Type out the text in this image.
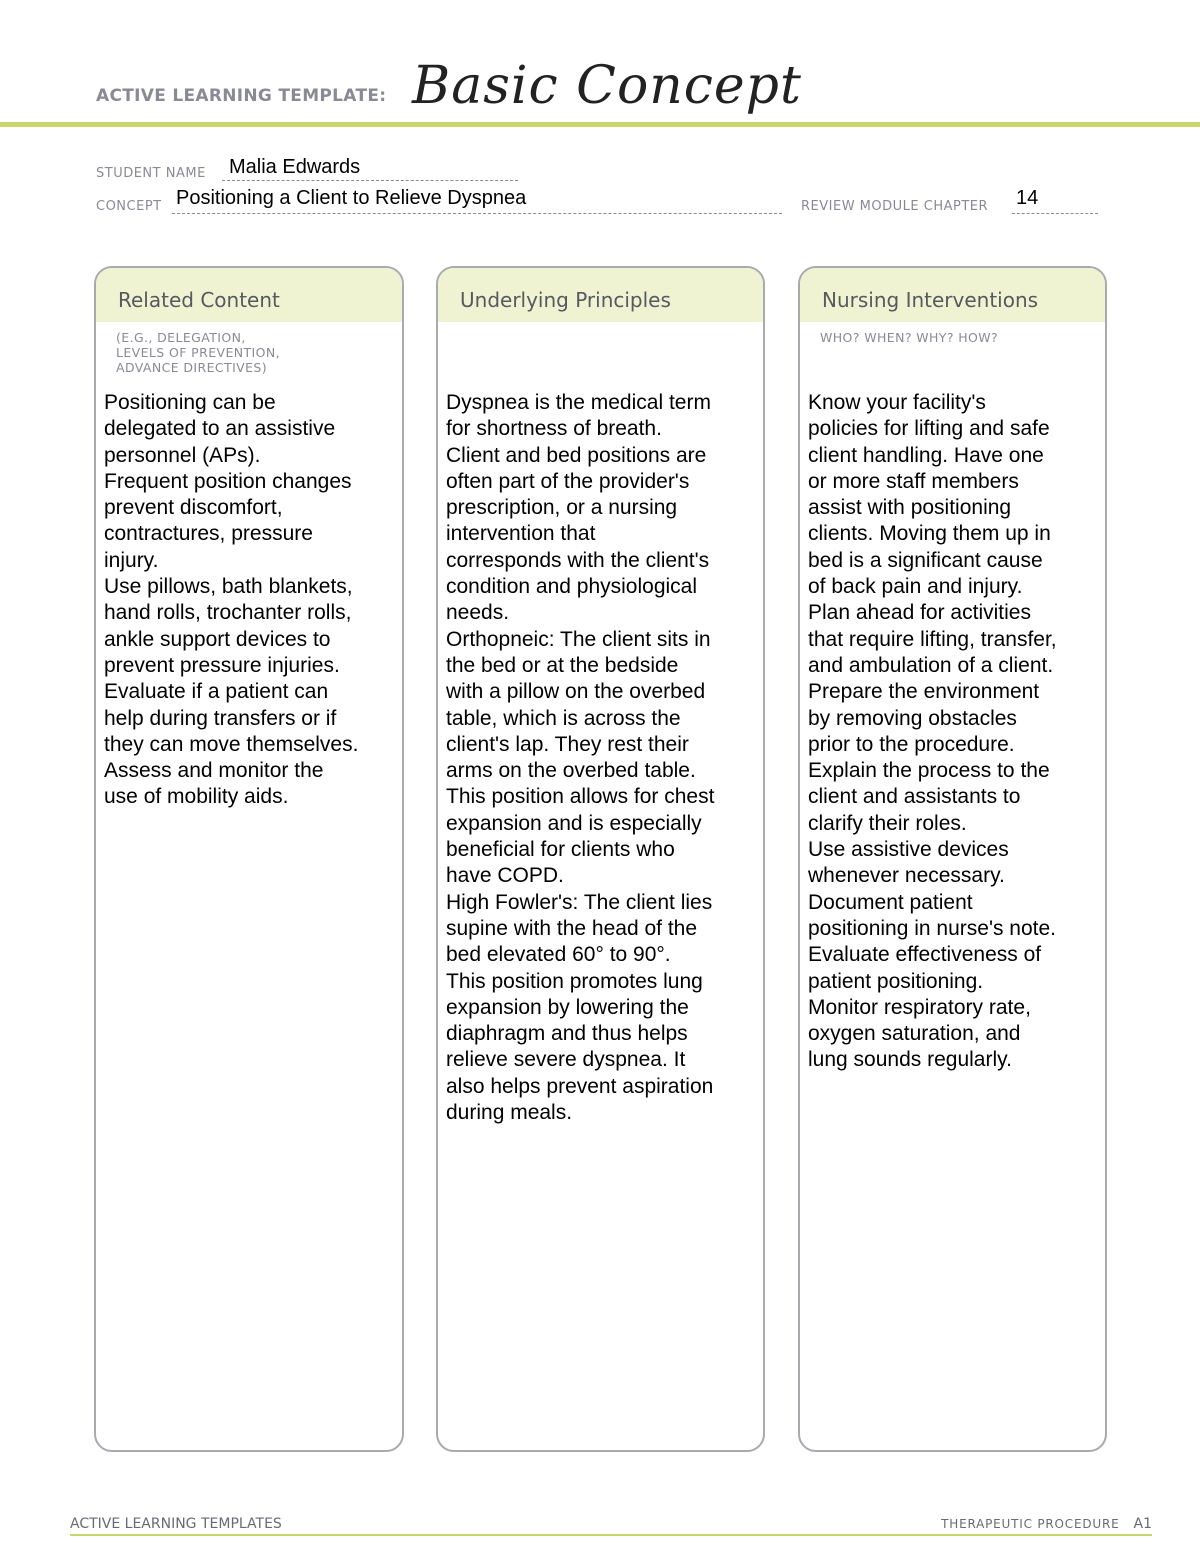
ACTIVE LEARNING TEMPLATE: Basic Concept
STUDENT NAME Malia Edwards
CONCEPT Positioning a Client to Relieve Dyspnea	REVIEW MODULE CHAPTER 14
Related Content
(E.G., DELEGATION,
LEVELS OF PREVENTION,
ADVANCE DIRECTIVES)

Positioning can be

delegated to an assistive

personnel (APs).

Frequent position changes

prevent discomfort,

contractures, pressure

injury.

Use pillows, bath blankets,

hand rolls, trochanter rolls,

ankle support devices to

prevent pressure injuries.

Evaluate if a patient can

help during transfers or if

they can move themselves.

Assess and monitor the

use of mobility aids.

Underlying Principles

Dyspnea is the medical term

for shortness of breath.

Client and bed positions are

often part of the provider's

prescription, or a nursing

intervention that

corresponds with the client's

condition and physiological

needs.

Orthopneic: The client sits in

the bed or at the bedside

with a pillow on the overbed

table, which is across the

client's lap. They rest their

arms on the overbed table.

This position allows for chest

expansion and is especially

beneficial for clients who

have COPD.

High Fowler's: The client lies

supine with the head of the

bed elevated 60° to 90°.

This position promotes lung

expansion by lowering the

diaphragm and thus helps

relieve severe dyspnea. It

also helps prevent aspiration

during meals.

Nursing Interventions
WHO? WHEN? WHY? HOW?

Know your facility's

policies for lifting and safe

client handling. Have one

or more staff members

assist with positioning

clients. Moving them up in

bed is a significant cause

of back pain and injury.

Plan ahead for activities

that require lifting, transfer,

and ambulation of a client.

Prepare the environment

by removing obstacles

prior to the procedure.

Explain the process to the

client and assistants to

clarify their roles.

Use assistive devices

whenever necessary.

Document patient

positioning in nurse's note.

Evaluate effectiveness of

patient positioning.

Monitor respiratory rate,

oxygen saturation, and

lung sounds regularly.

ACTIVE LEARNING TEMPLATES	THERAPEUTIC PROCEDURE A1
